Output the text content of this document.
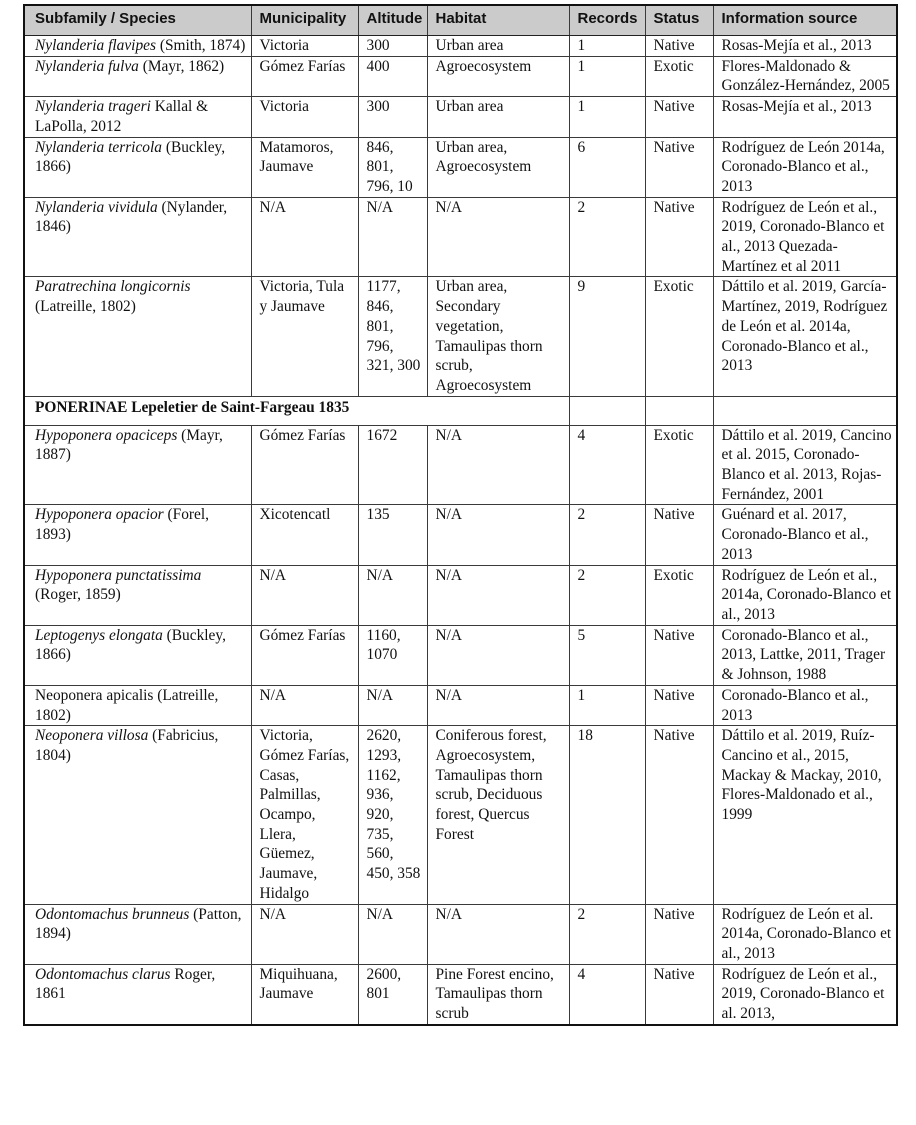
Subfamily / Species	Municipality	Altitude	Habitat	Records	Status	Information source
Nylanderia flavipes (Smith, 1874)	Victoria	300	Urban area	1	Native	Rosas-Mejía et al., 2013
Nylanderia fulva (Mayr, 1862)	Gómez Farías	400	Agroecosystem	1	Exotic	Flores-Maldonado & González-Hernández, 2005
Nylanderia trageri Kallal & LaPolla, 2012	Victoria	300	Urban area	1	Native	Rosas-Mejía et al., 2013
Nylanderia terricola (Buckley, 1866)	Matamoros, Jaumave	846, 801, 796, 10	Urban area, Agroecosystem	6	Native	Rodríguez de León 2014a, Coronado-Blanco et al., 2013
Nylanderia vividula (Nylander, 1846)	N/A	N/A	N/A	2	Native	Rodríguez de León et al., 2019, Coronado-Blanco et al., 2013 Quezada-Martínez et al 2011
Paratrechina longicornis (Latreille, 1802)	Victoria, Tula y Jaumave	1177, 846, 801, 796, 321, 300	Urban area, Secondary vegetation, Tamaulipas thorn scrub, Agroecosystem	9	Exotic	Dáttilo et al. 2019, García-Martínez, 2019, Rodríguez de León et al. 2014a, Coronado-Blanco et al., 2013
PONERINAE Lepeletier de Saint-Fargeau 1835						
Hypoponera opaciceps (Mayr, 1887)	Gómez Farías	1672	N/A	4	Exotic	Dáttilo et al. 2019, Cancino et al. 2015, Coronado-Blanco et al. 2013, Rojas-Fernández, 2001
Hypoponera opacior (Forel, 1893)	Xicotencatl	135	N/A	2	Native	Guénard et al. 2017, Coronado-Blanco et al., 2013
Hypoponera punctatissima (Roger, 1859)	N/A	N/A	N/A	2	Exotic	Rodríguez de León et al., 2014a, Coronado-Blanco et al., 2013
Leptogenys elongata (Buckley, 1866)	Gómez Farías	1160, 1070	N/A	5	Native	Coronado-Blanco et al., 2013, Lattke, 2011, Trager & Johnson, 1988
Neoponera apicalis (Latreille, 1802)	N/A	N/A	N/A	1	Native	Coronado-Blanco et al., 2013
Neoponera villosa (Fabricius, 1804)	Victoria, Gómez Farías, Casas, Palmillas, Ocampo, Llera, Güemez, Jaumave, Hidalgo	2620, 1293, 1162, 936, 920, 735, 560, 450, 358	Coniferous forest, Agroecosystem, Tamaulipas thorn scrub, Deciduous forest, Quercus Forest	18	Native	Dáttilo et al. 2019, Ruíz-Cancino et al., 2015, Mackay & Mackay, 2010, Flores-Maldonado et al., 1999
Odontomachus brunneus (Patton, 1894)	N/A	N/A	N/A	2	Native	Rodríguez de León et al. 2014a, Coronado-Blanco et al., 2013
Odontomachus clarus Roger, 1861	Miquihuana, Jaumave	2600, 801	Pine Forest encino, Tamaulipas thorn scrub	4	Native	Rodríguez de León et al., 2019, Coronado-Blanco et al. 2013,
